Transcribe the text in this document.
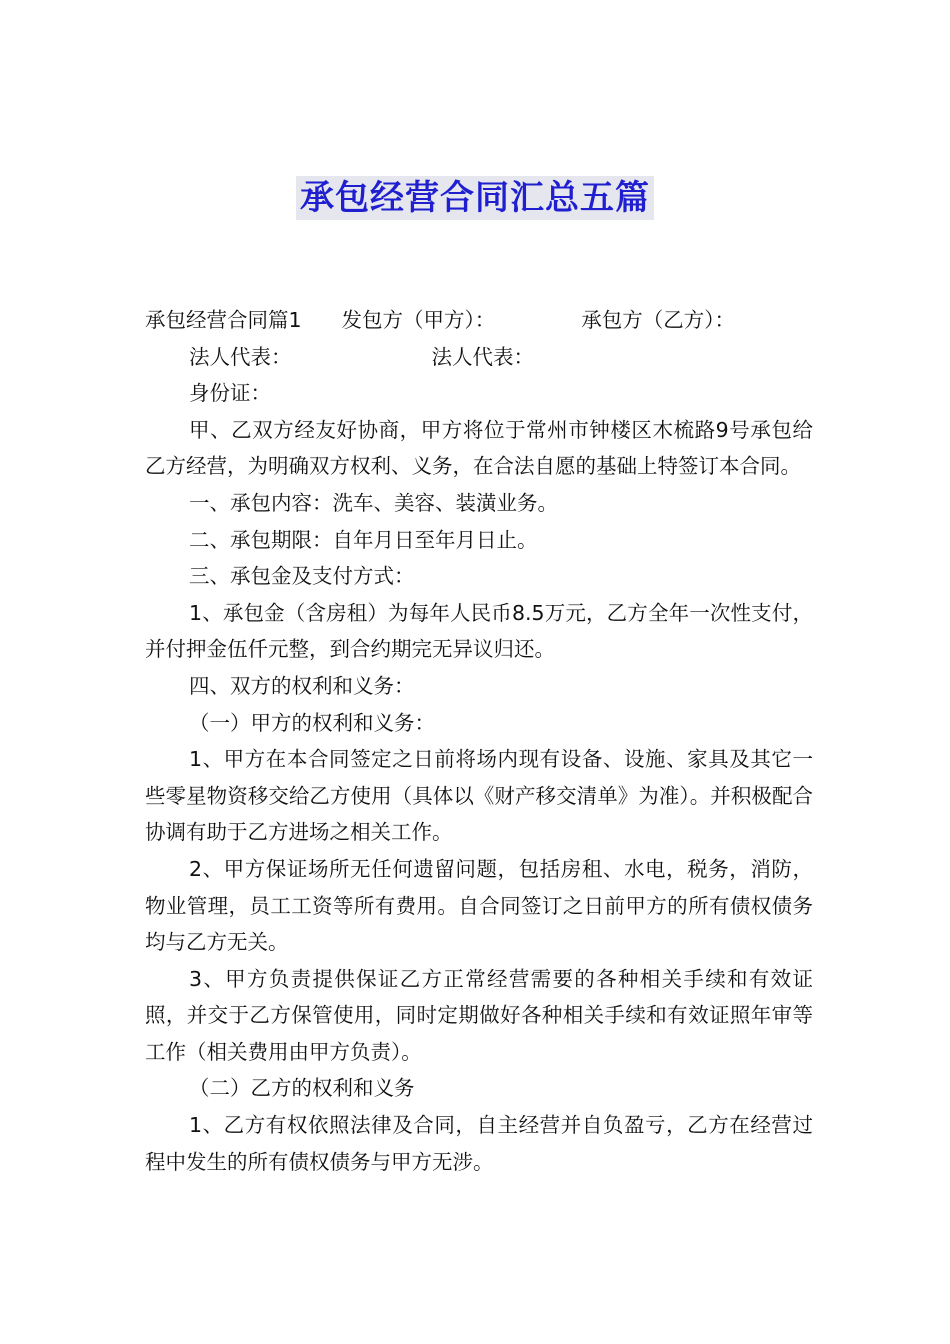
承包经营合同汇总五篇
承包经营合同篇1 发包方（甲方）：	承包方（乙方）：
法人代表：	法人代表：
身份证：

甲、乙双方经友好协商，甲方将位于常州市钟楼区木梳路9号承包给乙方经营，为明确双方权利、义务，在合法自愿的基础上特签订本合同。

一、承包内容：洗车、美容、装潢业务。

二、承包期限：自年月日至年月日止。

三、承包金及支付方式：

1、承包金（含房租）为每年人民币8.5万元，乙方全年一次性支付，并付押金伍仟元整，到合约期完无异议归还。

四、双方的权利和义务：

（一）甲方的权利和义务：

1、甲方在本合同签定之日前将场内现有设备、设施、家具及其它一些零星物资移交给乙方使用（具体以《财产移交清单》为准）。并积极配合协调有助于乙方进场之相关工作。

2、甲方保证场所无任何遗留问题，包括房租、水电，税务，消防，物业管理，员工工资等所有费用。自合同签订之日前甲方的所有债权债务均与乙方无关。

3、甲方负责提供保证乙方正常经营需要的各种相关手续和有效证照，并交于乙方保管使用，同时定期做好各种相关手续和有效证照年审等工作（相关费用由甲方负责）。

（二）乙方的权利和义务

1、乙方有权依照法律及合同，自主经营并自负盈亏，乙方在经营过程中发生的所有债权债务与甲方无涉。
